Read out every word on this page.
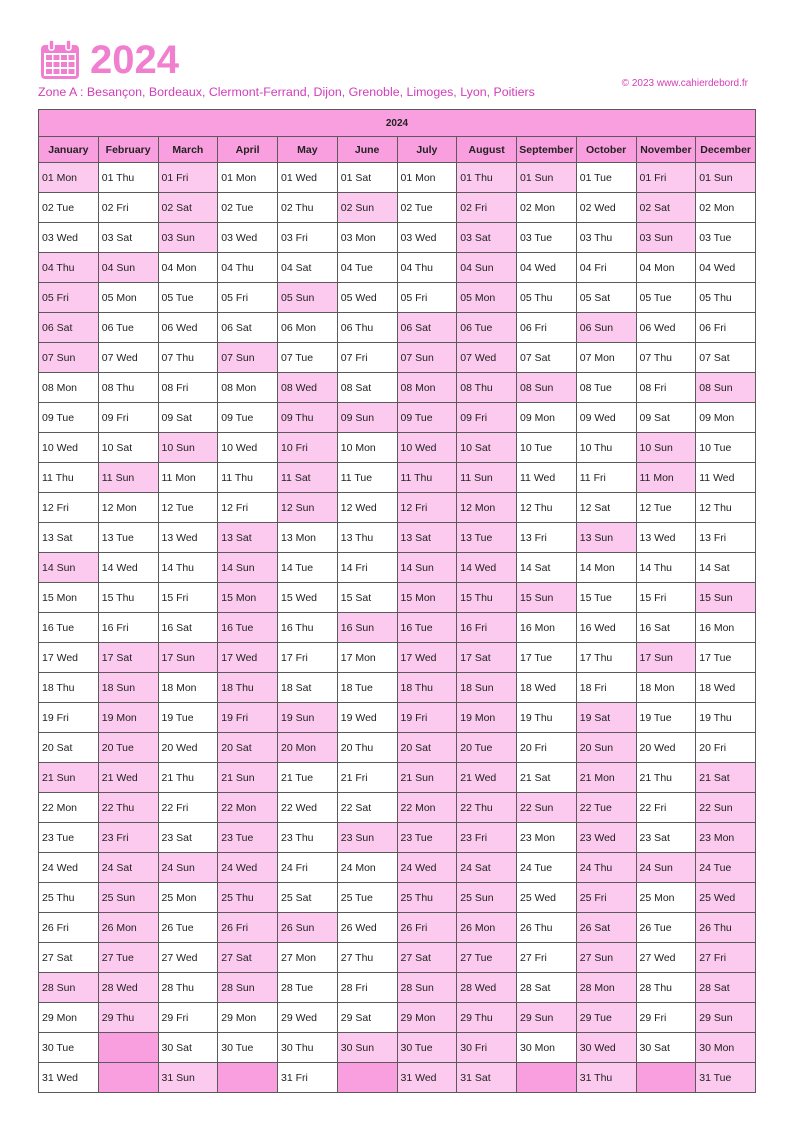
2024
Zone A : Besançon, Bordeaux, Clermont-Ferrand, Dijon, Grenoble, Limoges, Lyon, Poitiers
© 2023 www.cahierdebord.fr
2024											
January	February	March	April	May	June	July	August	September	October	November	December
01 Mon	01 Thu	01 Fri	01 Mon	01 Wed	01 Sat	01 Mon	01 Thu	01 Sun	01 Tue	01 Fri	01 Sun
02 Tue	02 Fri	02 Sat	02 Tue	02 Thu	02 Sun	02 Tue	02 Fri	02 Mon	02 Wed	02 Sat	02 Mon
03 Wed	03 Sat	03 Sun	03 Wed	03 Fri	03 Mon	03 Wed	03 Sat	03 Tue	03 Thu	03 Sun	03 Tue
04 Thu	04 Sun	04 Mon	04 Thu	04 Sat	04 Tue	04 Thu	04 Sun	04 Wed	04 Fri	04 Mon	04 Wed
05 Fri	05 Mon	05 Tue	05 Fri	05 Sun	05 Wed	05 Fri	05 Mon	05 Thu	05 Sat	05 Tue	05 Thu
06 Sat	06 Tue	06 Wed	06 Sat	06 Mon	06 Thu	06 Sat	06 Tue	06 Fri	06 Sun	06 Wed	06 Fri
07 Sun	07 Wed	07 Thu	07 Sun	07 Tue	07 Fri	07 Sun	07 Wed	07 Sat	07 Mon	07 Thu	07 Sat
08 Mon	08 Thu	08 Fri	08 Mon	08 Wed	08 Sat	08 Mon	08 Thu	08 Sun	08 Tue	08 Fri	08 Sun
09 Tue	09 Fri	09 Sat	09 Tue	09 Thu	09 Sun	09 Tue	09 Fri	09 Mon	09 Wed	09 Sat	09 Mon
10 Wed	10 Sat	10 Sun	10 Wed	10 Fri	10 Mon	10 Wed	10 Sat	10 Tue	10 Thu	10 Sun	10 Tue
11 Thu	11 Sun	11 Mon	11 Thu	11 Sat	11 Tue	11 Thu	11 Sun	11 Wed	11 Fri	11 Mon	11 Wed
12 Fri	12 Mon	12 Tue	12 Fri	12 Sun	12 Wed	12 Fri	12 Mon	12 Thu	12 Sat	12 Tue	12 Thu
13 Sat	13 Tue	13 Wed	13 Sat	13 Mon	13 Thu	13 Sat	13 Tue	13 Fri	13 Sun	13 Wed	13 Fri
14 Sun	14 Wed	14 Thu	14 Sun	14 Tue	14 Fri	14 Sun	14 Wed	14 Sat	14 Mon	14 Thu	14 Sat
15 Mon	15 Thu	15 Fri	15 Mon	15 Wed	15 Sat	15 Mon	15 Thu	15 Sun	15 Tue	15 Fri	15 Sun
16 Tue	16 Fri	16 Sat	16 Tue	16 Thu	16 Sun	16 Tue	16 Fri	16 Mon	16 Wed	16 Sat	16 Mon
17 Wed	17 Sat	17 Sun	17 Wed	17 Fri	17 Mon	17 Wed	17 Sat	17 Tue	17 Thu	17 Sun	17 Tue
18 Thu	18 Sun	18 Mon	18 Thu	18 Sat	18 Tue	18 Thu	18 Sun	18 Wed	18 Fri	18 Mon	18 Wed
19 Fri	19 Mon	19 Tue	19 Fri	19 Sun	19 Wed	19 Fri	19 Mon	19 Thu	19 Sat	19 Tue	19 Thu
20 Sat	20 Tue	20 Wed	20 Sat	20 Mon	20 Thu	20 Sat	20 Tue	20 Fri	20 Sun	20 Wed	20 Fri
21 Sun	21 Wed	21 Thu	21 Sun	21 Tue	21 Fri	21 Sun	21 Wed	21 Sat	21 Mon	21 Thu	21 Sat
22 Mon	22 Thu	22 Fri	22 Mon	22 Wed	22 Sat	22 Mon	22 Thu	22 Sun	22 Tue	22 Fri	22 Sun
23 Tue	23 Fri	23 Sat	23 Tue	23 Thu	23 Sun	23 Tue	23 Fri	23 Mon	23 Wed	23 Sat	23 Mon
24 Wed	24 Sat	24 Sun	24 Wed	24 Fri	24 Mon	24 Wed	24 Sat	24 Tue	24 Thu	24 Sun	24 Tue
25 Thu	25 Sun	25 Mon	25 Thu	25 Sat	25 Tue	25 Thu	25 Sun	25 Wed	25 Fri	25 Mon	25 Wed
26 Fri	26 Mon	26 Tue	26 Fri	26 Sun	26 Wed	26 Fri	26 Mon	26 Thu	26 Sat	26 Tue	26 Thu
27 Sat	27 Tue	27 Wed	27 Sat	27 Mon	27 Thu	27 Sat	27 Tue	27 Fri	27 Sun	27 Wed	27 Fri
28 Sun	28 Wed	28 Thu	28 Sun	28 Tue	28 Fri	28 Sun	28 Wed	28 Sat	28 Mon	28 Thu	28 Sat
29 Mon	29 Thu	29 Fri	29 Mon	29 Wed	29 Sat	29 Mon	29 Thu	29 Sun	29 Tue	29 Fri	29 Sun
30 Tue		30 Sat	30 Tue	30 Thu	30 Sun	30 Tue	30 Fri	30 Mon	30 Wed	30 Sat	30 Mon
31 Wed		31 Sun		31 Fri		31 Wed	31 Sat		31 Thu		31 Tue
